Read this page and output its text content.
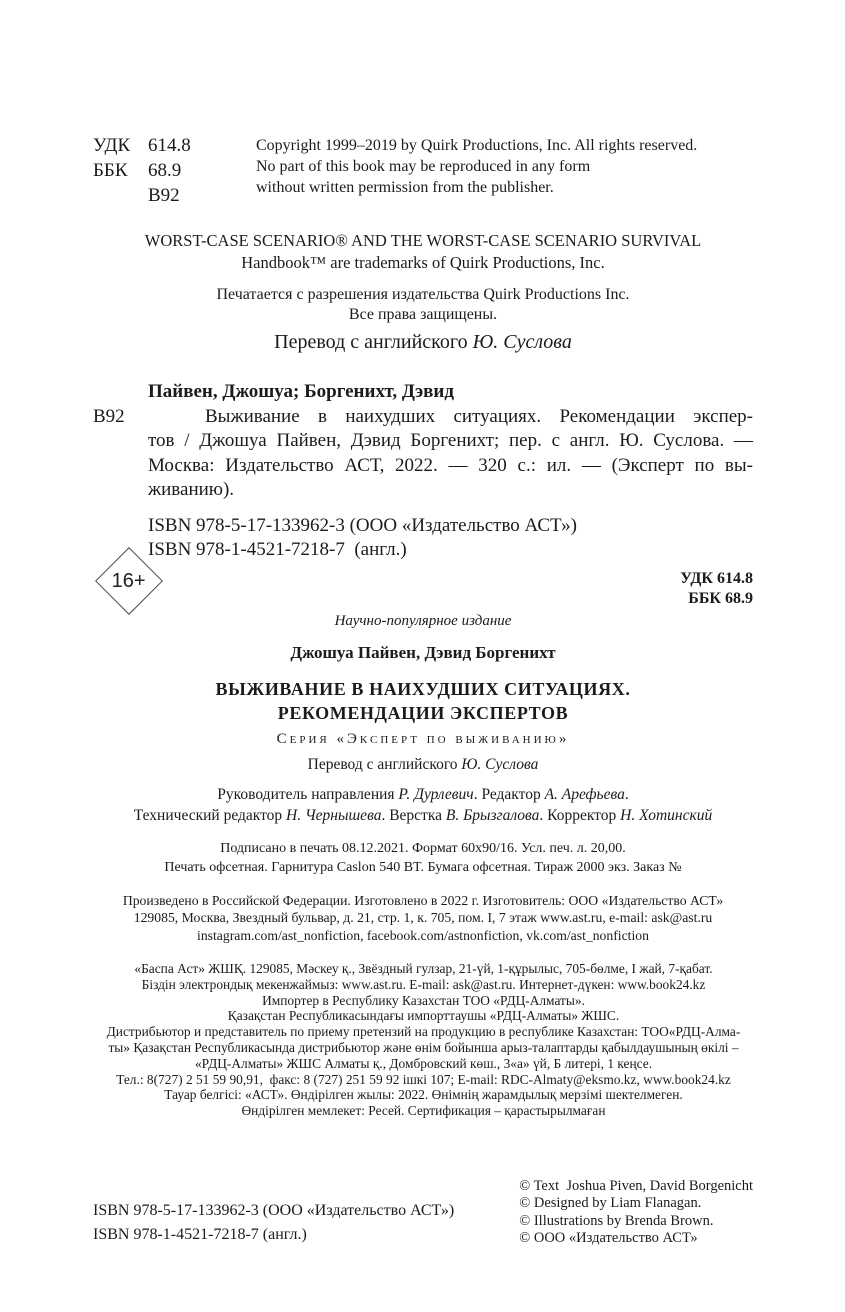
УДК 614.8
ББК	68.9
В92
Copyright 1999–2019 by Quirk Productions, Inc. All rights reserved.
No part of this book may be reproduced in any form
without written permission from the publisher.
WORST-CASE SCENARIO® AND THE WORST-CASE SCENARIO SURVIVAL
Handbook™ are trademarks of Quirk Productions, Inc.
Печатается с разрешения издательства Quirk Productions Inc.
Все права защищены.
Перевод с английского Ю. Суслова
Пайвен, Джошуа; Боргенихт, Дэвид
В92	Выживание в наихудших ситуациях. Рекомендации экспер-
тов / Джошуа Пайвен, Дэвид Боргенихт; пер. с англ. Ю. Суслова. —
Москва: Издательство АСТ, 2022. — 320 с.: ил. — (Эксперт по вы-
живанию).
ISBN 978-5-17-133962-3 (ООО «Издательство АСТ»)
ISBN 978-1-4521-7218-7  (англ.)
УДК 614.8
ББК 68.9
16+
Научно-популярное издание
Джошуа Пайвен, Дэвид Боргенихт
ВЫЖИВАНИЕ В НАИХУДШИХ СИТУАЦИЯХ.
РЕКОМЕНДАЦИИ ЭКСПЕРТОВ
Серия «Эксперт по выживанию»
Перевод с английского Ю. Суслова
Руководитель направления Р. Дурлевич. Редактор А. Арефьева.
Технический редактор Н. Чернышева. Верстка В. Брызгалова. Корректор Н. Хотинский
Подписано в печать 08.12.2021. Формат 60x90/16. Усл. печ. л. 20,00.
Печать офсетная. Гарнитура Caslon 540 BT. Бумага офсетная. Тираж 2000 экз. Заказ №
Произведено в Российской Федерации. Изготовлено в 2022 г. Изготовитель: ООО «Издательство АСТ»
129085, Москва, Звездный бульвар, д. 21, стр. 1, к. 705, пом. I, 7 этаж www.ast.ru, e-mail: ask@ast.ru
instagram.com/ast_nonfiction, facebook.com/astnonfiction, vk.com/ast_nonfiction
«Баспа Аст» ЖШҚ. 129085, Мәскеу қ., Звёздный гулзар, 21-үй, 1-құрылыс, 705-бөлме, I жай, 7-қабат.
Біздін электрондық мекенжаймыз: www.ast.ru. E-mail: ask@ast.ru. Интернет-дүкен: www.book24.kz
Импортер в Республику Казахстан ТОО «РДЦ-Алматы».
Қазақстан Республикасындағы импорттаушы «РДЦ-Алматы» ЖШС.
Дистрибьютор и представитель по приему претензий на продукцию в республике Казахстан: ТОО«РДЦ-Алма-
ты» Қазақстан Республикасында дистрибьютор және өнім бойынша арыз-талаптарды қабылдаушының өкілі –
«РДЦ-Алматы» ЖШС Алматы қ., Домбровский көш., 3«а» үй, Б литері, 1 кеңсе.
Тел.: 8(727) 2 51 59 90,91,  факс: 8 (727) 251 59 92 ішкі 107; E-mail: RDC-Almaty@eksmo.kz, www.book24.kz
Тауар белгісі: «АСТ». Өндірілген жылы: 2022. Өнімнің жарамдылық мерзімі шектелмеген.
Өндірілген мемлекет: Ресей. Сертификация – қарастырылмаған
ISBN 978-5-17-133962-3 (ООО «Издательство АСТ»)
ISBN 978-1-4521-7218-7 (англ.)
© Text  Joshua Piven, David Borgenicht
© Designed by Liam Flanagan.
© Illustrations by Brenda Brown.
© ООО «Издательство АСТ»
